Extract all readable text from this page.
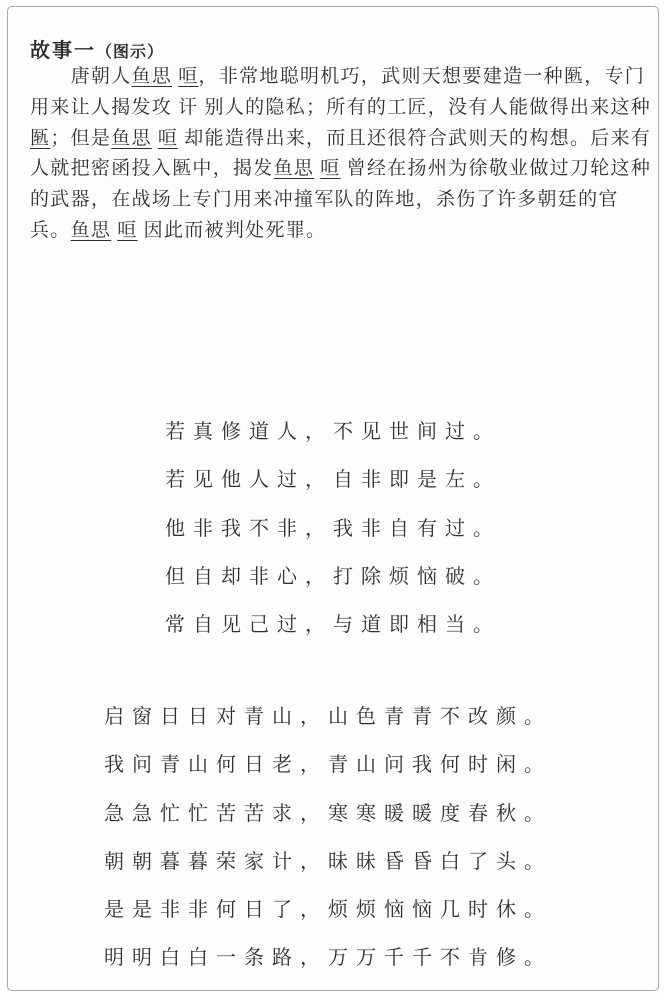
故事一（图示）
　　唐朝人鱼思 咺，非常地聪明机巧，武则天想要建造一种匦，专门
用来让人揭发攻 讦 别人的隐私；所有的工匠，没有人能做得出来这种
匦；但是鱼思 咺 却能造得出来，而且还很符合武则天的构想。后来有
人就把密函投入匦中，揭发鱼思 咺 曾经在扬州为徐敬业做过刀轮这种
的武器，在战场上专门用来冲撞军队的阵地，杀伤了许多朝廷的官
兵。鱼思 咺 因此而被判处死罪。
若真修道人，不见世间过。
若见他人过，自非即是左。
他非我不非，我非自有过。
但自却非心，打除烦恼破。
常自见己过，与道即相当。
启窗日日对青山，山色青青不改颜。
我问青山何日老，青山问我何时闲。
急急忙忙苦苦求，寒寒暖暖度春秋。
朝朝暮暮荣家计，昧昧昏昏白了头。
是是非非何日了，烦烦恼恼几时休。
明明白白一条路，万万千千不肯修。
